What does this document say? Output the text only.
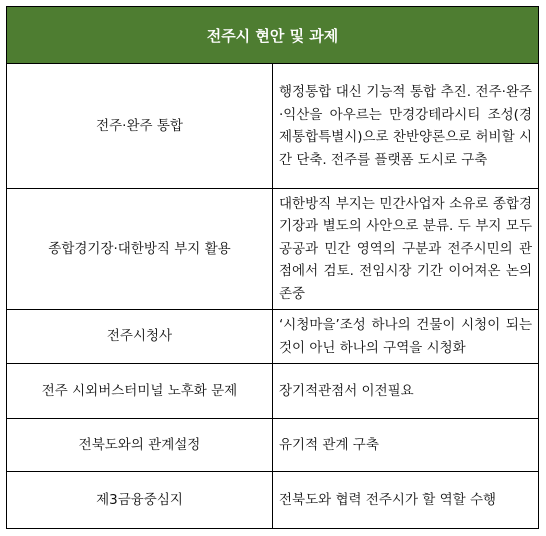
전주시 현안 및 과제	
전주·완주 통합	행정통합 대신 기능적 통합 추진. 전주·완주·익산을 아우르는 만경강테라시티 조성(경제통합특별시)으로 찬반양론으로 허비할 시간 단축. 전주를 플랫폼 도시로 구축
종합경기장·대한방직 부지 활용	대한방직 부지는 민간사업자 소유로 종합경기장과 별도의 사안으로 분류. 두 부지 모두 공공과 민간 영역의 구분과 전주시민의 관점에서 검토. 전임시장 기간 이어져온 논의 존중
전주시청사	‘시청마을’조성 하나의 건물이 시청이 되는 것이 아닌 하나의 구역을 시청화
전주 시외버스터미널 노후화 문제	장기적관점서 이전필요
전북도와의 관계설정	유기적 관계 구축
제3금융중심지	전북도와 협력 전주시가 할 역할 수행
